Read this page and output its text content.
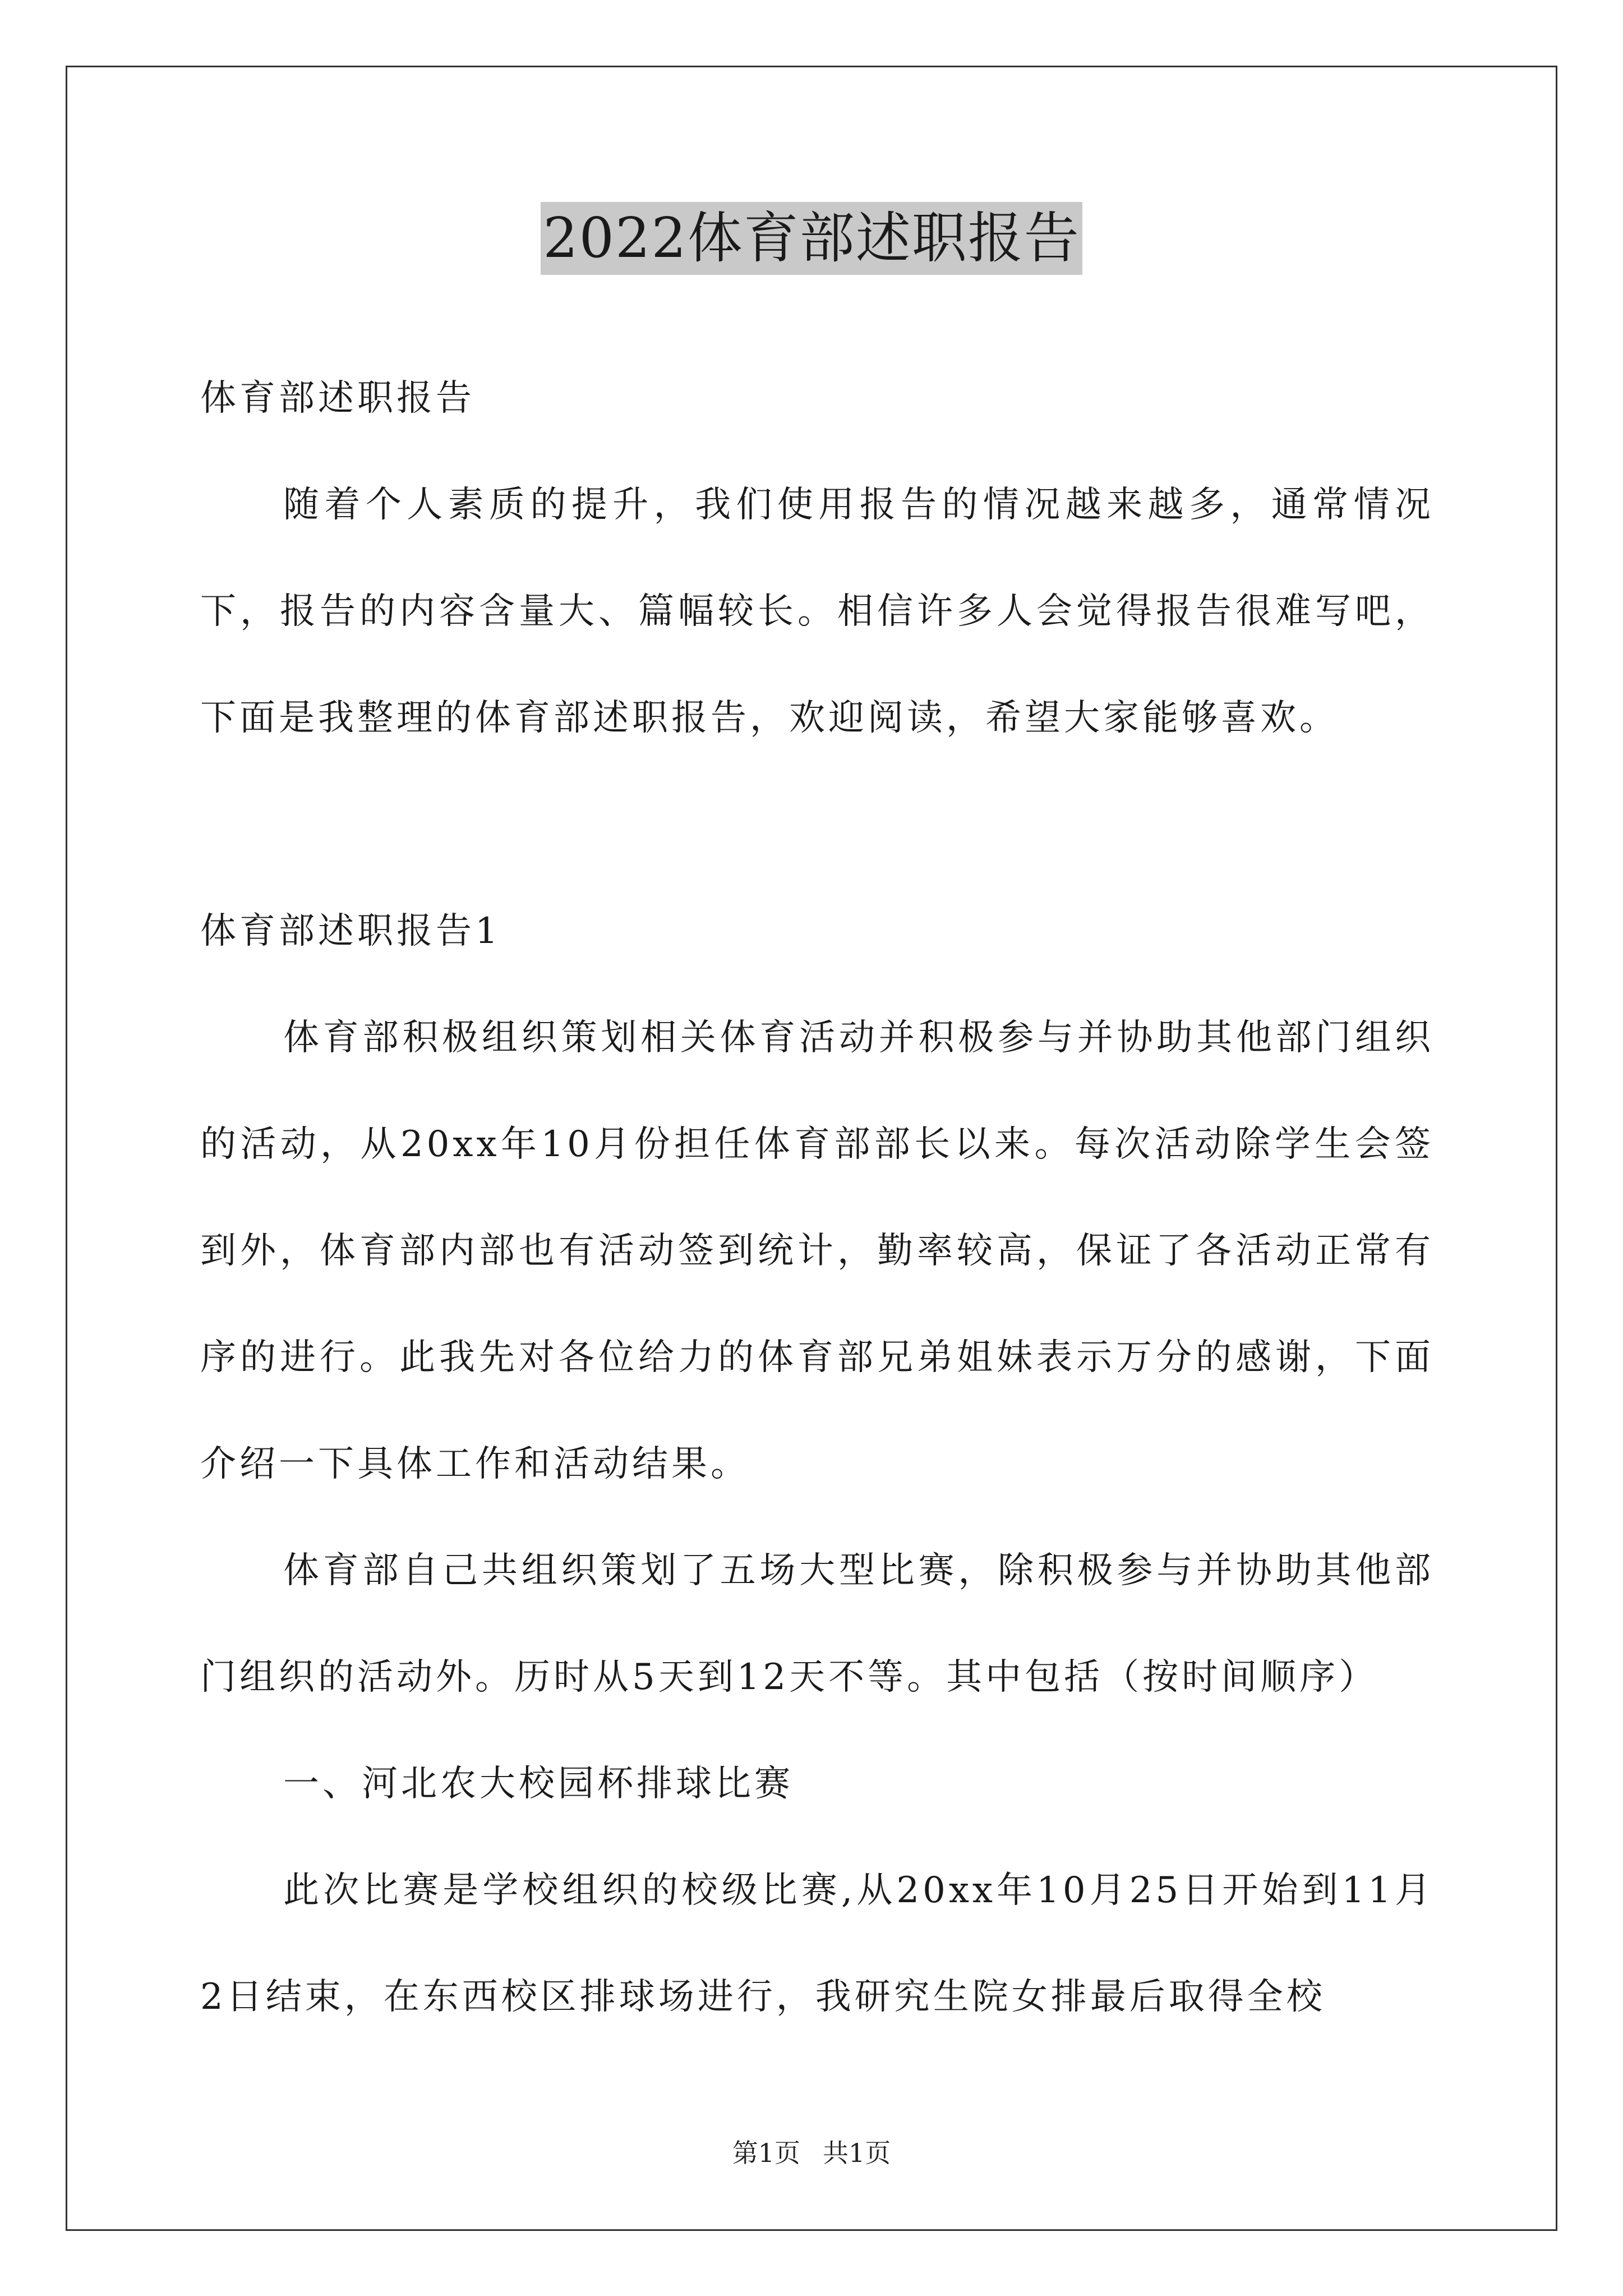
2022体育部述职报告

体育部述职报告

随着个人素质的提升，我们使用报告的情况越来越多，通常情况下，报告的内容含量大、篇幅较长。相信许多人会觉得报告很难写吧，下面是我整理的体育部述职报告，欢迎阅读，希望大家能够喜欢。

体育部述职报告1

体育部积极组织策划相关体育活动并积极参与并协助其他部门组织的活动，从20xx年10月份担任体育部部长以来。每次活动除学生会签到外，体育部内部也有活动签到统计，勤率较高，保证了各活动正常有序的进行。此我先对各位给力的体育部兄弟姐妹表示万分的感谢，下面介绍一下具体工作和活动结果。

体育部自己共组织策划了五场大型比赛，除积极参与并协助其他部门组织的活动外。历时从5天到12天不等。其中包括（按时间顺序）

一、河北农大校园杯排球比赛

此次比赛是学校组织的校级比赛,从20xx年10月25日开始到11月2日结束，在东西校区排球场进行，我研究生院女排最后取得全校

第1页 共1页
